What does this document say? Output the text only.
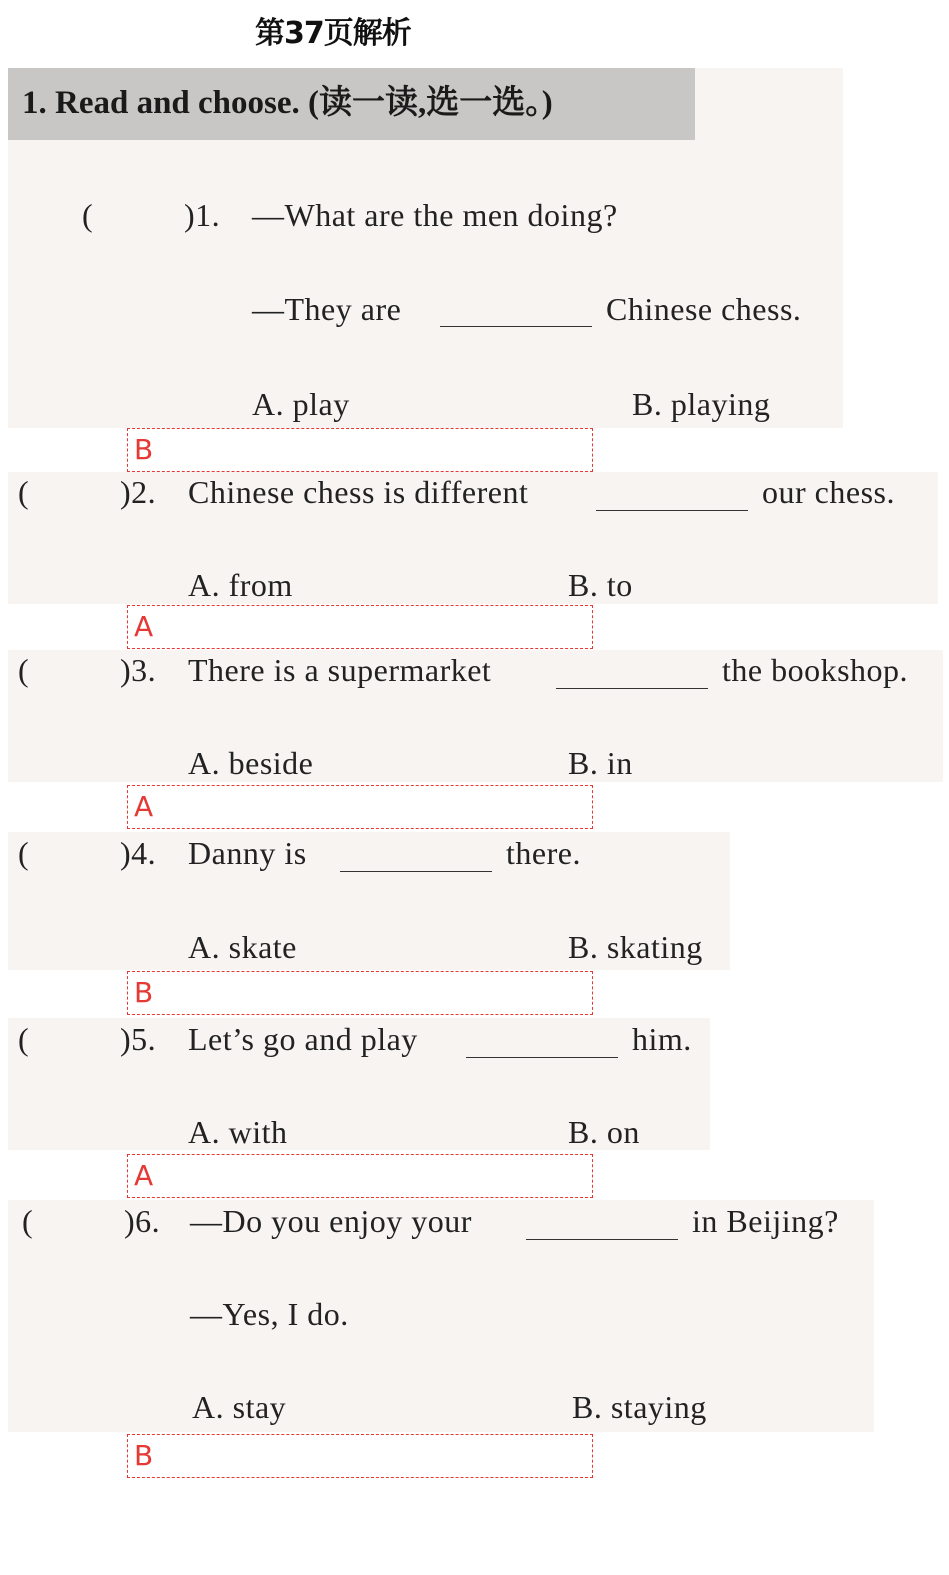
第37页解析
1. Read and choose. (读一读,选一选。)
(	)1. —What are the men doing?
—They are	Chinese chess.
A. play	B. playing
B
(	)2. Chinese chess is different	our chess.
A. from	B. to
A
(	)3. There is a supermarket	the bookshop.
A. beside	B. in
A
(	)4. Danny is	there.
A. skate	B. skating
B
(	)5. Let’s go and play	him.
A. with	B. on
A
(	)6. —Do you enjoy your	in Beijing?
—Yes, I do.
A. stay	B. staying
B
